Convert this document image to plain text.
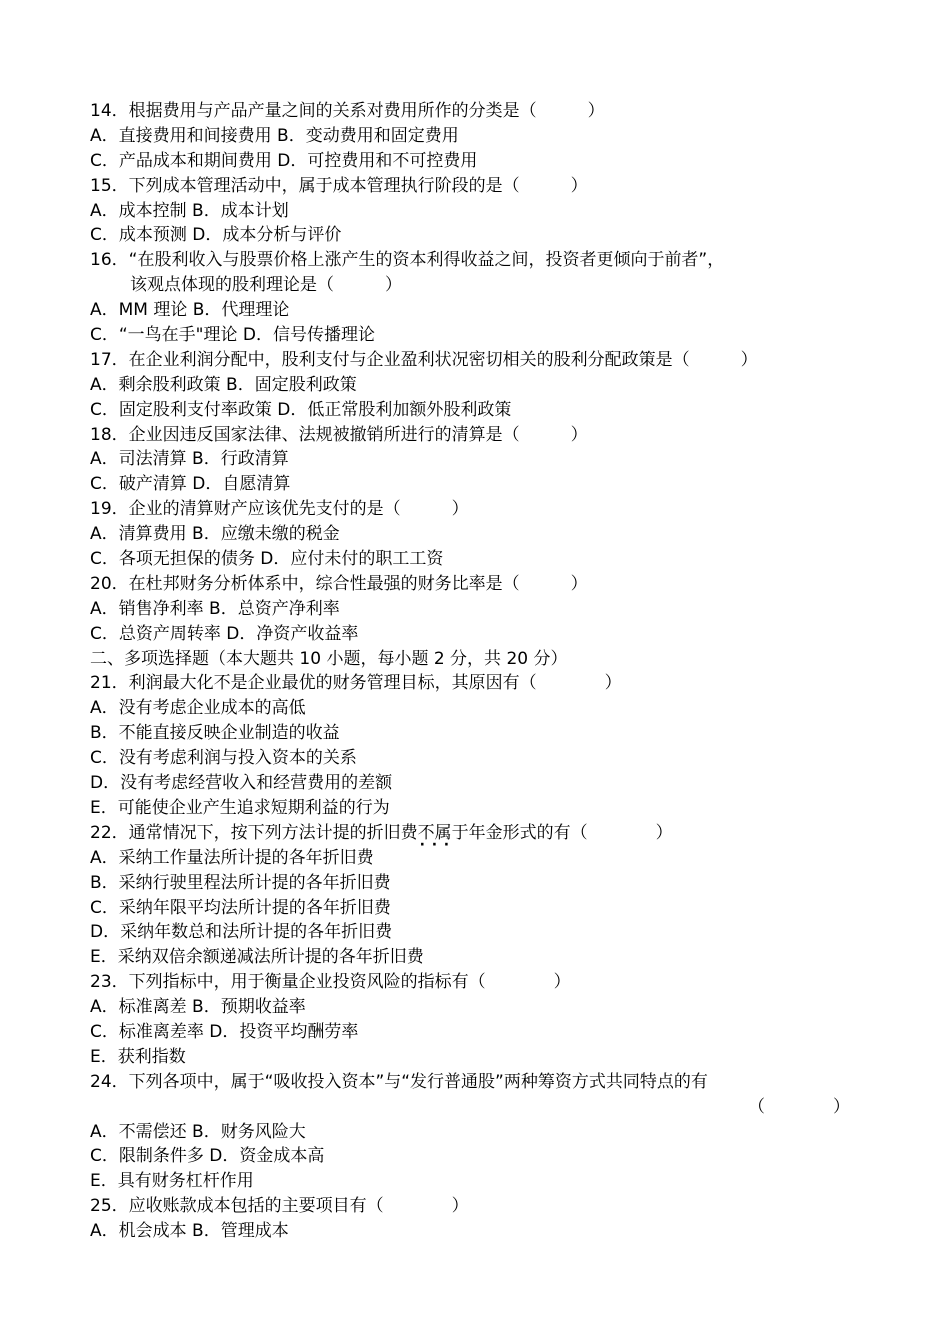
14．根据费用与产品产量之间的关系对费用所作的分类是（　　　）
A．直接费用和间接费用 B．变动费用和固定费用
C．产品成本和期间费用 D．可控费用和不可控费用
15．下列成本管理活动中，属于成本管理执行阶段的是（　　　）
A．成本控制 B．成本计划
C．成本预测 D．成本分析与评价
16．“在股利收入与股票价格上涨产生的资本利得收益之间，投资者更倾向于前者”，
该观点体现的股利理论是（　　　）
A．MM 理论 B．代理理论
C．“一鸟在手"理论 D．信号传播理论
17．在企业利润分配中，股利支付与企业盈利状况密切相关的股利分配政策是（　　　）
A．剩余股利政策 B．固定股利政策
C．固定股利支付率政策 D．低正常股利加额外股利政策
18．企业因违反国家法律、法规被撤销所进行的清算是（　　　）
A．司法清算 B．行政清算
C．破产清算 D．自愿清算
19．企业的清算财产应该优先支付的是（　　　）
A．清算费用 B．应缴未缴的税金
C．各项无担保的债务 D．应付未付的职工工资
20．在杜邦财务分析体系中，综合性最强的财务比率是（　　　）
A．销售净利率 B．总资产净利率
C．总资产周转率 D．净资产收益率
二、多项选择题（本大题共 10 小题，每小题 2 分，共 20 分）
21．利润最大化不是企业最优的财务管理目标，其原因有（　　　　）
A．没有考虑企业成本的高低
B．不能直接反映企业制造的收益
C．没有考虑利润与投入资本的关系
D．没有考虑经营收入和经营费用的差额
E．可能使企业产生追求短期利益的行为
22．通常情况下，按下列方法计提的折旧费不属于 ·  ·  ·年金形式的有（　　　　）
A．采纳工作量法所计提的各年折旧费
B．采纳行驶里程法所计提的各年折旧费
C．采纳年限平均法所计提的各年折旧费
D．采纳年数总和法所计提的各年折旧费
E．采纳双倍余额递减法所计提的各年折旧费
23．下列指标中，用于衡量企业投资风险的指标有（　　　　）
A．标准离差 B．预期收益率
C．标准离差率 D．投资平均酬劳率
E．获利指数
24．下列各项中，属于“吸收投入资本”与“发行普通股”两种筹资方式共同特点的有
（　　　　）
A．不需偿还 B．财务风险大
C．限制条件多 D．资金成本高
E．具有财务杠杆作用
25．应收账款成本包括的主要项目有（　　　　）
A．机会成本 B．管理成本
